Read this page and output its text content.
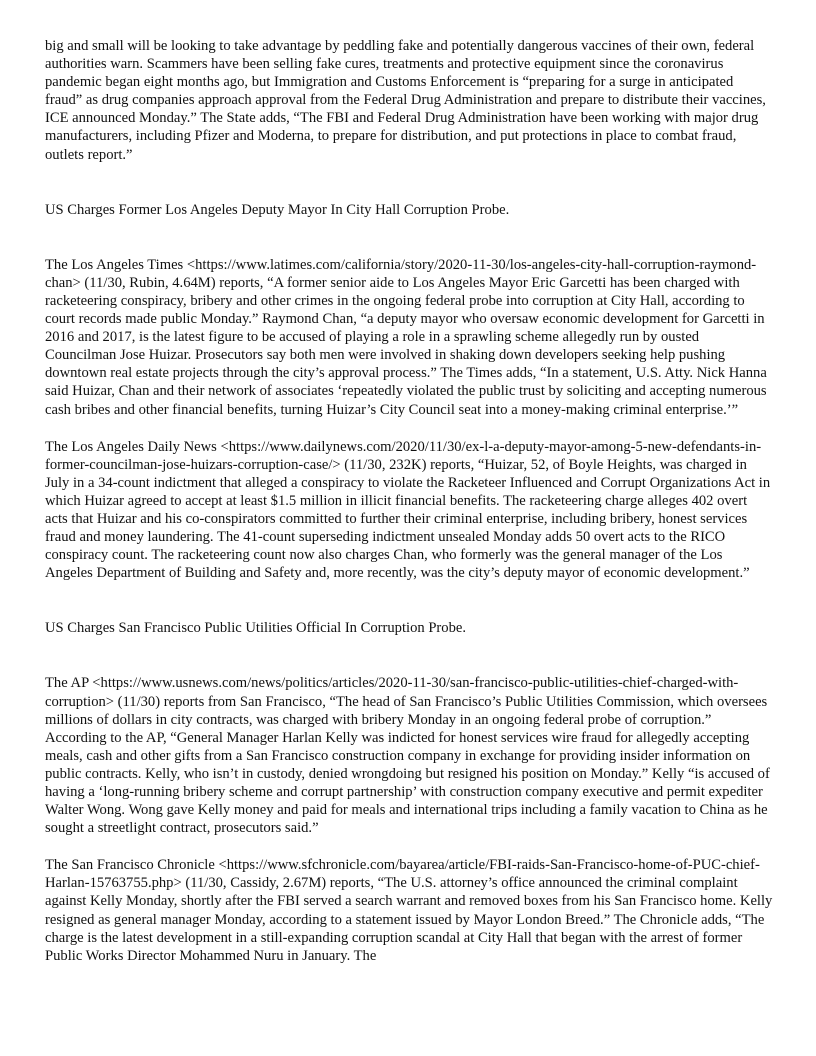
big and small will be looking to take advantage by peddling fake and potentially dangerous vaccines of their own, federal authorities warn. Scammers have been selling fake cures, treatments and protective equipment since the coronavirus pandemic began eight months ago, but Immigration and Customs Enforcement is “preparing for a surge in anticipated fraud” as drug companies approach approval from the Federal Drug Administration and prepare to distribute their vaccines, ICE announced Monday.” The State adds, “The FBI and Federal Drug Administration have been working with major drug manufacturers, including Pfizer and Moderna, to prepare for distribution, and put protections in place to combat fraud, outlets report.”

US Charges Former Los Angeles Deputy Mayor In City Hall Corruption Probe.

The Los Angeles Times <https://www.latimes.com/california/story/2020-11-30/los-angeles-city-hall-corruption-raymond-chan> (11/30, Rubin, 4.64M) reports, “A former senior aide to Los Angeles Mayor Eric Garcetti has been charged with racketeering conspiracy, bribery and other crimes in the ongoing federal probe into corruption at City Hall, according to court records made public Monday.” Raymond Chan, “a deputy mayor who oversaw economic development for Garcetti in 2016 and 2017, is the latest figure to be accused of playing a role in a sprawling scheme allegedly run by ousted Councilman Jose Huizar. Prosecutors say both men were involved in shaking down developers seeking help pushing downtown real estate projects through the city’s approval process.” The Times adds, “In a statement, U.S. Atty. Nick Hanna said Huizar, Chan and their network of associates ‘repeatedly violated the public trust by soliciting and accepting numerous cash bribes and other financial benefits, turning Huizar’s City Council seat into a money-making criminal enterprise.’”

The Los Angeles Daily News <https://www.dailynews.com/2020/11/30/ex-l-a-deputy-mayor-among-5-new-defendants-in-former-councilman-jose-huizars-corruption-case/> (11/30, 232K) reports, “Huizar, 52, of Boyle Heights, was charged in July in a 34-count indictment that alleged a conspiracy to violate the Racketeer Influenced and Corrupt Organizations Act in which Huizar agreed to accept at least $1.5 million in illicit financial benefits. The racketeering charge alleges 402 overt acts that Huizar and his co-conspirators committed to further their criminal enterprise, including bribery, honest services fraud and money laundering. The 41-count superseding indictment unsealed Monday adds 50 overt acts to the RICO conspiracy count. The racketeering count now also charges Chan, who formerly was the general manager of the Los Angeles Department of Building and Safety and, more recently, was the city’s deputy mayor of economic development.”

US Charges San Francisco Public Utilities Official In Corruption Probe.

The AP <https://www.usnews.com/news/politics/articles/2020-11-30/san-francisco-public-utilities-chief-charged-with-corruption> (11/30) reports from San Francisco, “The head of San Francisco’s Public Utilities Commission, which oversees millions of dollars in city contracts, was charged with bribery Monday in an ongoing federal probe of corruption.” According to the AP, “General Manager Harlan Kelly was indicted for honest services wire fraud for allegedly accepting meals, cash and other gifts from a San Francisco construction company in exchange for providing insider information on public contracts. Kelly, who isn’t in custody, denied wrongdoing but resigned his position on Monday.” Kelly “is accused of having a ‘long-running bribery scheme and corrupt partnership’ with construction company executive and permit expediter Walter Wong. Wong gave Kelly money and paid for meals and international trips including a family vacation to China as he sought a streetlight contract, prosecutors said.”

The San Francisco Chronicle <https://www.sfchronicle.com/bayarea/article/FBI-raids-San-Francisco-home-of-PUC-chief-Harlan-15763755.php> (11/30, Cassidy, 2.67M) reports, “The U.S. attorney’s office announced the criminal complaint against Kelly Monday, shortly after the FBI served a search warrant and removed boxes from his San Francisco home. Kelly resigned as general manager Monday, according to a statement issued by Mayor London Breed.” The Chronicle adds, “The charge is the latest development in a still-expanding corruption scandal at City Hall that began with the arrest of former Public Works Director Mohammed Nuru in January. The
